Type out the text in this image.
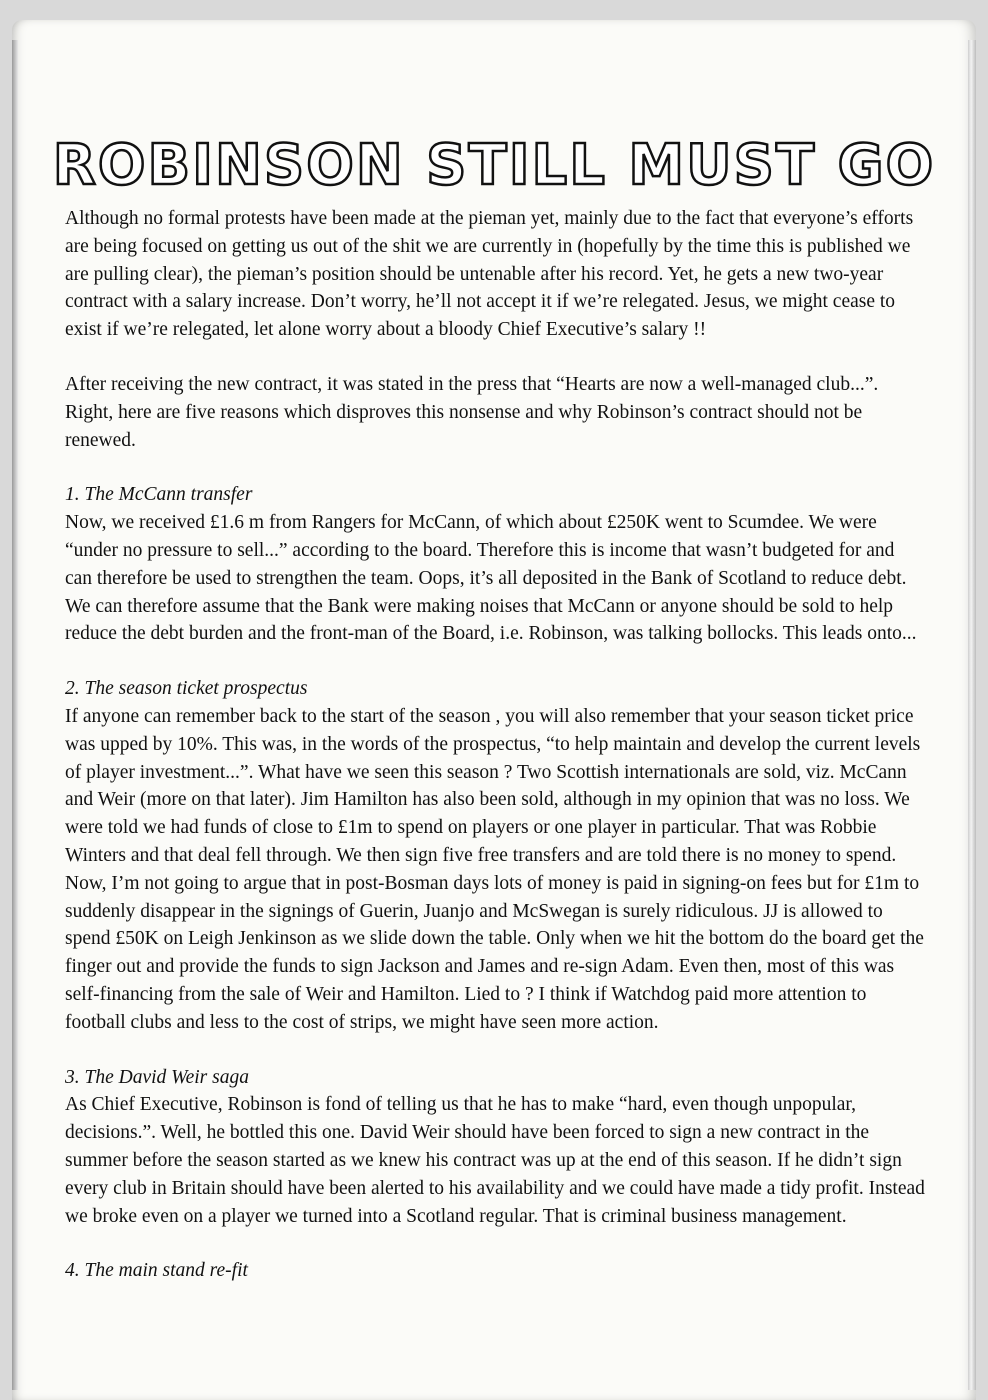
ROBINSON STILL MUST GO

Although no formal protests have been made at the pieman yet, mainly due to the fact that everyone’s efforts are being focused on getting us out of the shit we are currently in (hopefully by the time this is published we are pulling clear), the pieman’s position should be untenable after his record. Yet, he gets a new two-year contract with a salary increase. Don’t worry, he’ll not accept it if we’re relegated. Jesus, we might cease to exist if we’re relegated, let alone worry about a bloody Chief Executive’s salary !!

After receiving the new contract, it was stated in the press that “Hearts are now a well-managed club...”. Right, here are five reasons which disproves this nonsense and why Robinson’s contract should not be renewed.

1. The McCann transfer

Now, we received £1.6 m from Rangers for McCann, of which about £250K went to Scumdee. We were “under no pressure to sell...” according to the board. Therefore this is income that wasn’t budgeted for and can therefore be used to strengthen the team. Oops, it’s all deposited in the Bank of Scotland to reduce debt. We can therefore assume that the Bank were making noises that McCann or anyone should be sold to help reduce the debt burden and the front-man of the Board, i.e. Robinson, was talking bollocks. This leads onto...

2. The season ticket prospectus

If anyone can remember back to the start of the season , you will also remember that your season ticket price was upped by 10%. This was, in the words of the prospectus, “to help maintain and develop the current levels of player investment...”. What have we seen this season ? Two Scottish internationals are sold, viz. McCann and Weir (more on that later). Jim Hamilton has also been sold, although in my opinion that was no loss. We were told we had funds of close to £1m to spend on players or one player in particular. That was Robbie Winters and that deal fell through. We then sign five free transfers and are told there is no money to spend. Now, I’m not going to argue that in post-Bosman days lots of money is paid in signing-on fees but for £1m to suddenly disappear in the signings of Guerin, Juanjo and McSwegan is surely ridiculous. JJ is allowed to spend £50K on Leigh Jenkinson as we slide down the table. Only when we hit the bottom do the board get the finger out and provide the funds to sign Jackson and James and re-sign Adam. Even then, most of this was self-financing from the sale of Weir and Hamilton. Lied to ? I think if Watchdog paid more attention to football clubs and less to the cost of strips, we might have seen more action.

3. The David Weir saga

As Chief Executive, Robinson is fond of telling us that he has to make “hard, even though unpopular, decisions.”. Well, he bottled this one. David Weir should have been forced to sign a new contract in the summer before the season started as we knew his contract was up at the end of this season. If he didn’t sign every club in Britain should have been alerted to his availability and we could have made a tidy profit. Instead we broke even on a player we turned into a Scotland regular. That is criminal business management.

4. The main stand re-fit
